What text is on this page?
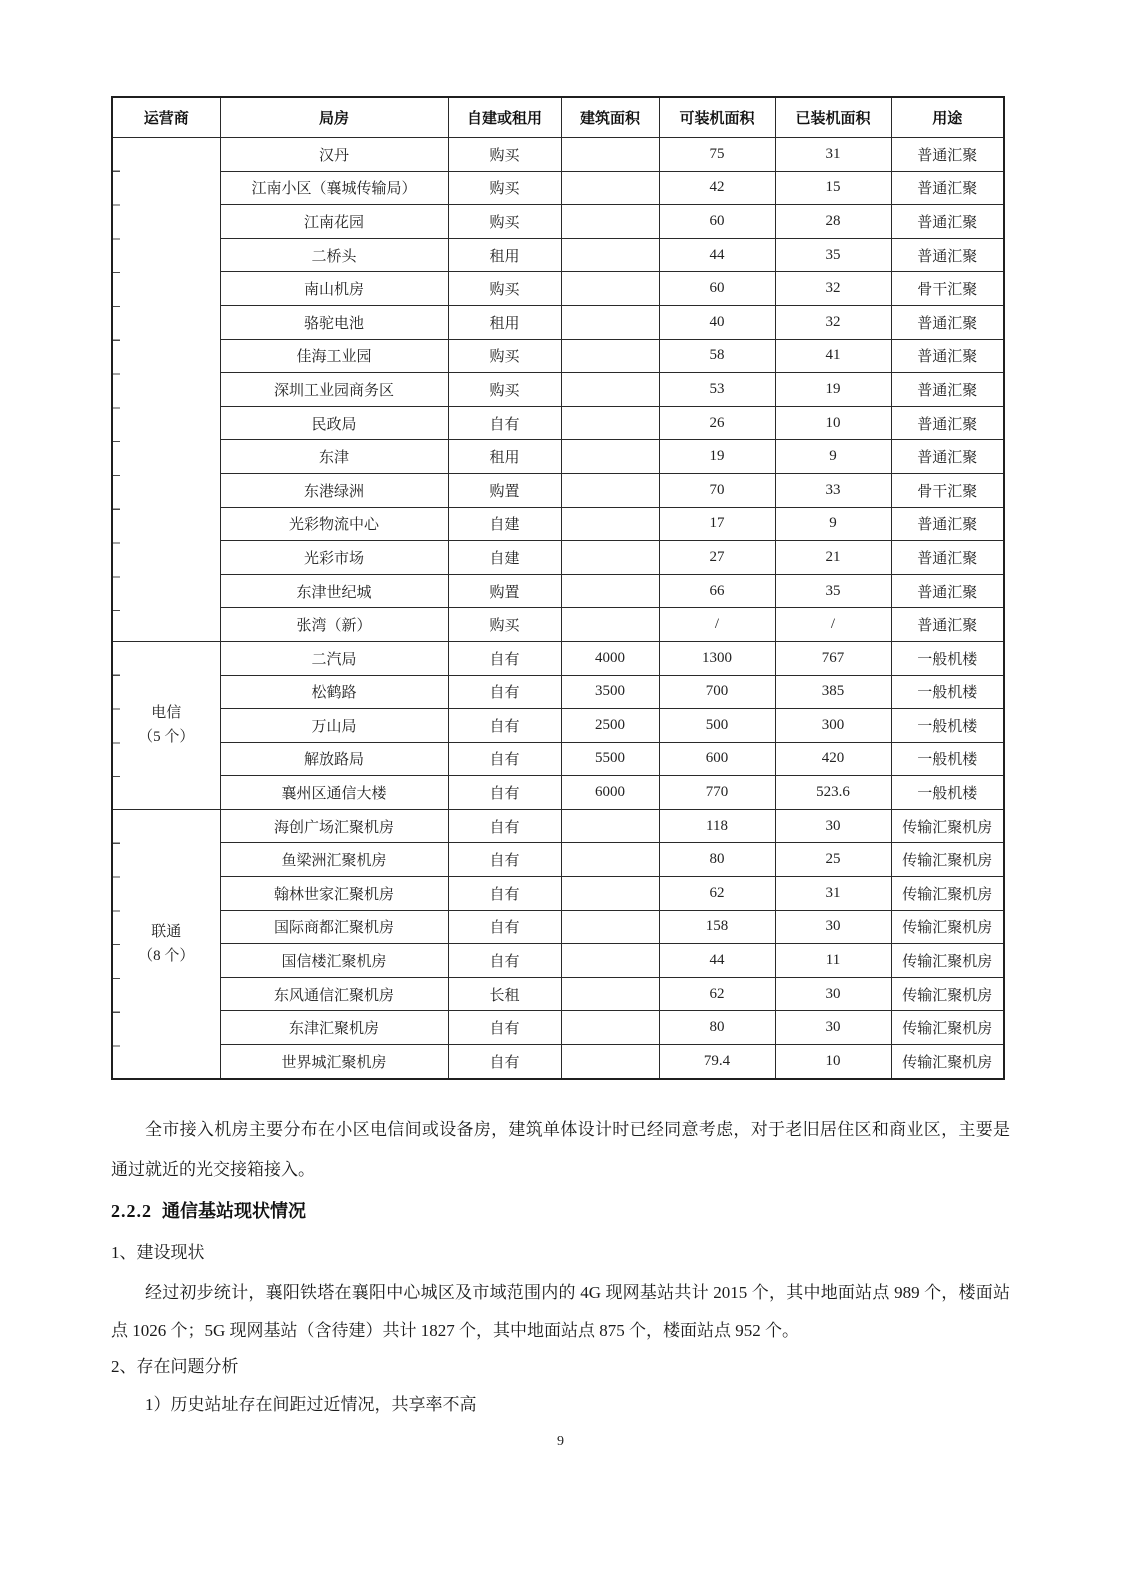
运营商	局房	自建或租用	建筑面积	可装机面积	已装机面积	用途

	汉丹	购买		75	31	普通汇聚
	江南小区（襄城传输局）	购买		42	15	普通汇聚
	江南花园	购买		60	28	普通汇聚
	二桥头	租用		44	35	普通汇聚
	南山机房	购买		60	32	骨干汇聚
	骆驼电池	租用		40	32	普通汇聚
	佳海工业园	购买		58	41	普通汇聚
	深圳工业园商务区	购买		53	19	普通汇聚
	民政局	自有		26	10	普通汇聚
	东津	租用		19	9	普通汇聚
	东港绿洲	购置		70	33	骨干汇聚
	光彩物流中心	自建		17	9	普通汇聚
	光彩市场	自建		27	21	普通汇聚
	东津世纪城	购置		66	35	普通汇聚
	张湾（新）	购买		/	/	普通汇聚

电信
（5 个）	二汽局	自有	4000	1300	767	一般机楼
	松鹤路	自有	3500	700	385	一般机楼
	万山局	自有	2500	500	300	一般机楼
	解放路局	自有	5500	600	420	一般机楼
	襄州区通信大楼	自有	6000	770	523.6	一般机楼

联通
（8 个）	海创广场汇聚机房	自有		118	30	传输汇聚机房
	鱼梁洲汇聚机房	自有		80	25	传输汇聚机房
	翰林世家汇聚机房	自有		62	31	传输汇聚机房
	国际商都汇聚机房	自有		158	30	传输汇聚机房
	国信楼汇聚机房	自有		44	11	传输汇聚机房
	东风通信汇聚机房	长租		62	30	传输汇聚机房
	东津汇聚机房	自有		80	30	传输汇聚机房
	世界城汇聚机房	自有		79.4	10	传输汇聚机房

全市接入机房主要分布在小区电信间或设备房，建筑单体设计时已经同意考虑，对于老旧居住区和商业区，主要是通过就近的光交接箱接入。

2.2.2 通信基站现状情况

1、建设现状

经过初步统计，襄阳铁塔在襄阳中心城区及市域范围内的 4G 现网基站共计 2015 个，其中地面站点 989 个，楼面站点 1026 个；5G 现网基站（含待建）共计 1827 个，其中地面站点 875 个，楼面站点 952 个。

2、存在问题分析

1）历史站址存在间距过近情况，共享率不高

9
